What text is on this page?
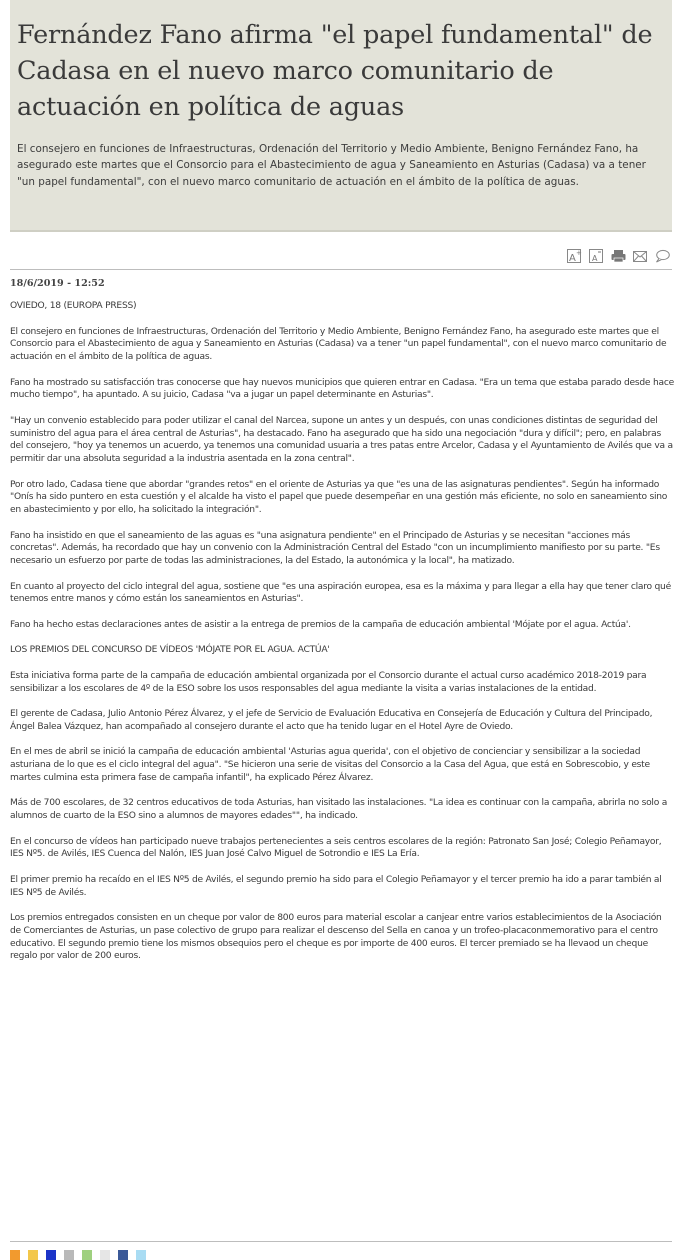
Fernández Fano afirma "el papel fundamental" de Cadasa en el nuevo marco comunitario de actuación en política de aguas

El consejero en funciones de Infraestructuras, Ordenación del Territorio y Medio Ambiente, Benigno Fernández Fano, ha asegurado este martes que el Consorcio para el Abastecimiento de agua y Saneamiento en Asturias (Cadasa) va a tener "un papel fundamental", con el nuevo marco comunitario de actuación en el ámbito de la política de aguas.

A +
A
18/6/2019 - 12:52

OVIEDO, 18 (EUROPA PRESS)

El consejero en funciones de Infraestructuras, Ordenación del Territorio y Medio Ambiente, Benigno Fernández Fano, ha asegurado este martes que el Consorcio para el Abastecimiento de agua y Saneamiento en Asturias (Cadasa) va a tener "un papel fundamental", con el nuevo marco comunitario de actuación en el ámbito de la política de aguas.

Fano ha mostrado su satisfacción tras conocerse que hay nuevos municipios que quieren entrar en Cadasa. "Era un tema que estaba parado desde hace mucho tiempo", ha apuntado. A su juicio, Cadasa "va a jugar un papel determinante en Asturias".

"Hay un convenio establecido para poder utilizar el canal del Narcea, supone un antes y un después, con unas condiciones distintas de seguridad del suministro del agua para el área central de Asturias", ha destacado. Fano ha asegurado que ha sido una negociación "dura y difícil"; pero, en palabras del consejero, "hoy ya tenemos un acuerdo, ya tenemos una comunidad usuaria a tres patas entre Arcelor, Cadasa y el Ayuntamiento de Avilés que va a permitir dar una absoluta seguridad a la industria asentada en la zona central".

Por otro lado, Cadasa tiene que abordar "grandes retos" en el oriente de Asturias ya que "es una de las asignaturas pendientes". Según ha informado "Onís ha sido puntero en esta cuestión y el alcalde ha visto el papel que puede desempeñar en una gestión más eficiente, no solo en saneamiento sino en abastecimiento y por ello, ha solicitado la integración".

Fano ha insistido en que el saneamiento de las aguas es "una asignatura pendiente" en el Principado de Asturias y se necesitan "acciones más concretas". Además, ha recordado que hay un convenio con la Administración Central del Estado "con un incumplimiento manifiesto por su parte. "Es necesario un esfuerzo por parte de todas las administraciones, la del Estado, la autonómica y la local", ha matizado.

En cuanto al proyecto del ciclo integral del agua, sostiene que "es una aspiración europea, esa es la máxima y para llegar a ella hay que tener claro qué tenemos entre manos y cómo están los saneamientos en Asturias".

Fano ha hecho estas declaraciones antes de asistir a la entrega de premios de la campaña de educación ambiental 'Mójate por el agua. Actúa'.

LOS PREMIOS DEL CONCURSO DE VÍDEOS 'MÓJATE POR EL AGUA. ACTÚA'

Esta iniciativa forma parte de la campaña de educación ambiental organizada por el Consorcio durante el actual curso académico 2018-2019 para sensibilizar a los escolares de 4º de la ESO sobre los usos responsables del agua mediante la visita a varias instalaciones de la entidad.

El gerente de Cadasa, Julio Antonio Pérez Álvarez, y el jefe de Servicio de Evaluación Educativa en Consejería de Educación y Cultura del Principado, Ángel Balea Vázquez, han acompañado al consejero durante el acto que ha tenido lugar en el Hotel Ayre de Oviedo.

En el mes de abril se inició la campaña de educación ambiental 'Asturias agua querida', con el objetivo de concienciar y sensibilizar a la sociedad asturiana de lo que es el ciclo integral del agua". "Se hicieron una serie de visitas del Consorcio a la Casa del Agua, que está en Sobrescobio, y este martes culmina esta primera fase de campaña infantil", ha explicado Pérez Álvarez.

Más de 700 escolares, de 32 centros educativos de toda Asturias, han visitado las instalaciones. "La idea es continuar con la campaña, abrirla no solo a alumnos de cuarto de la ESO sino a alumnos de mayores edades"", ha indicado.

En el concurso de vídeos han participado nueve trabajos pertenecientes a seis centros escolares de la región: Patronato San José; Colegio Peñamayor, IES Nº5. de Avilés, IES Cuenca del Nalón, IES Juan José Calvo Miguel de Sotrondio e IES La Ería.

El primer premio ha recaído en el IES Nº5 de Avilés, el segundo premio ha sido para el Colegio Peñamayor y el tercer premio ha ido a parar también al IES Nº5 de Avilés.

Los premios entregados consisten en un cheque por valor de 800 euros para material escolar a canjear entre varios establecimientos de la Asociación de Comerciantes de Asturias, un pase colectivo de grupo para realizar el descenso del Sella en canoa y un trofeo-placaconmemorativo para el centro educativo. El segundo premio tiene los mismos obsequios pero el cheque es por importe de 400 euros. El tercer premiado se ha llevaod un cheque regalo por valor de 200 euros.
